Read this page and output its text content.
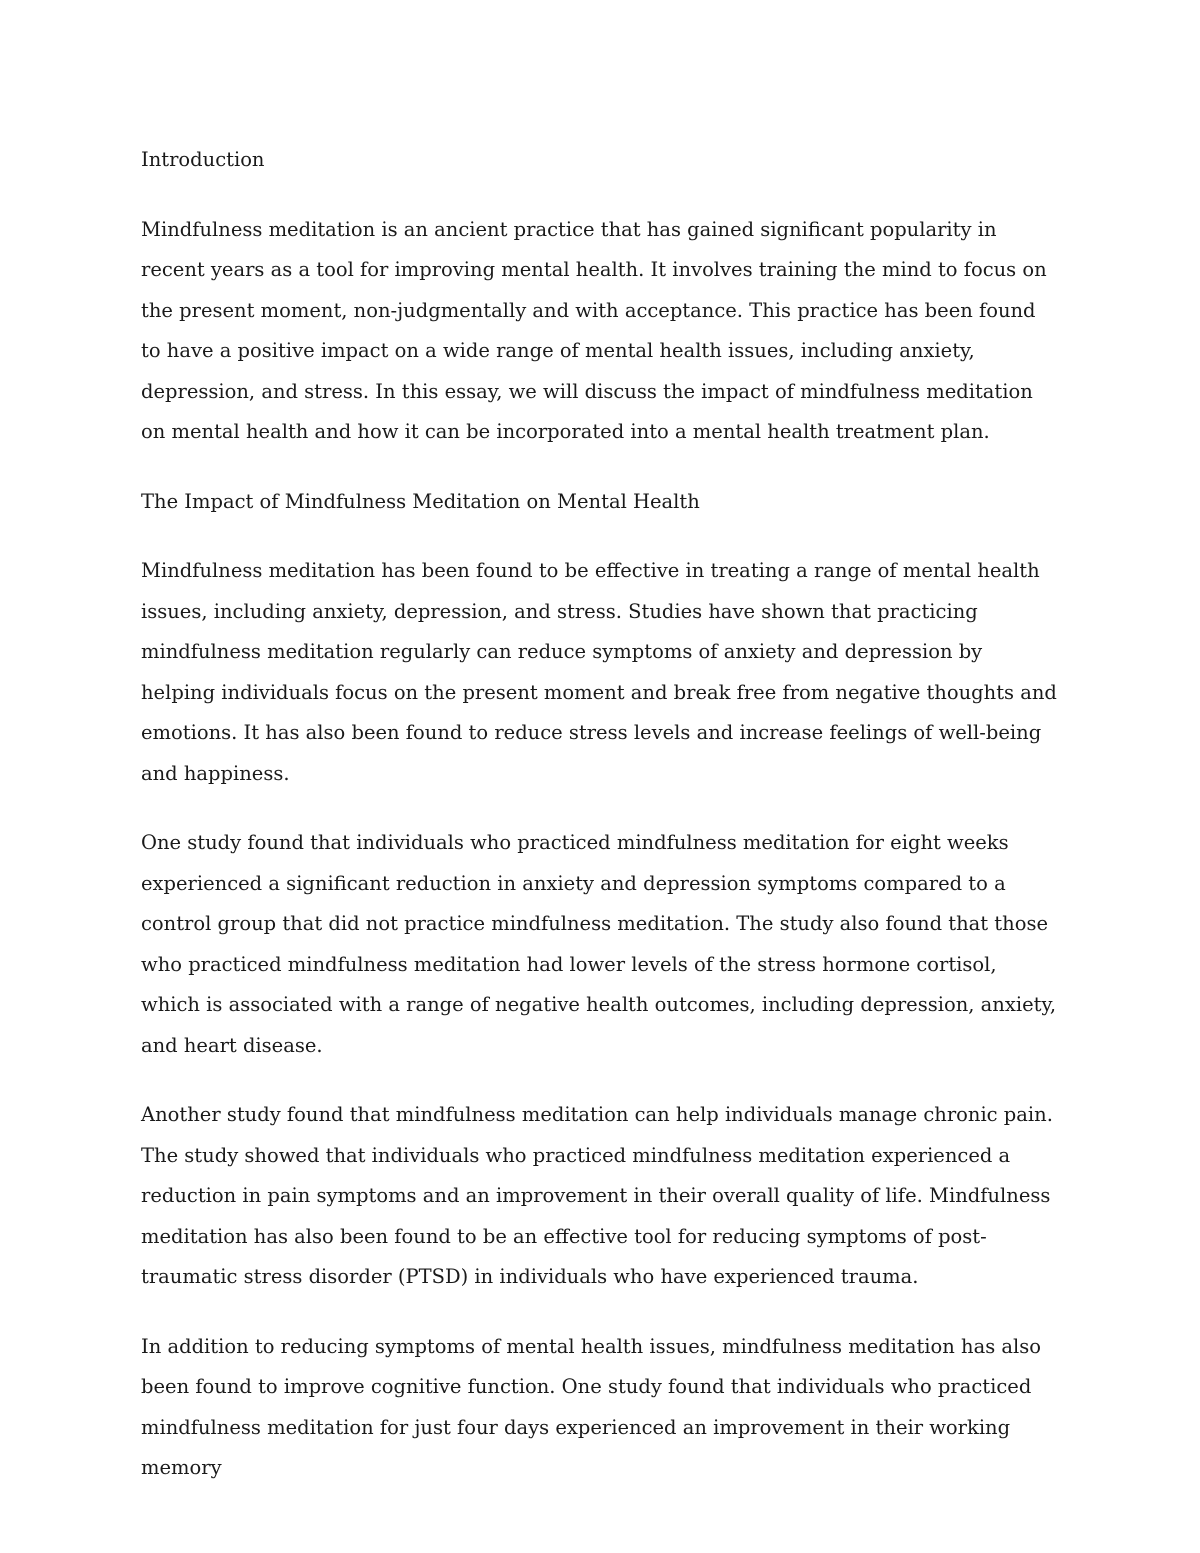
Introduction

Mindfulness meditation is an ancient practice that has gained significant popularity in recent years as a tool for improving mental health. It involves training the mind to focus on the present moment, non-judgmentally and with acceptance. This practice has been found to have a positive impact on a wide range of mental health issues, including anxiety, depression, and stress. In this essay, we will discuss the impact of mindfulness meditation on mental health and how it can be incorporated into a mental health treatment plan.

The Impact of Mindfulness Meditation on Mental Health

Mindfulness meditation has been found to be effective in treating a range of mental health issues, including anxiety, depression, and stress. Studies have shown that practicing mindfulness meditation regularly can reduce symptoms of anxiety and depression by helping individuals focus on the present moment and break free from negative thoughts and emotions. It has also been found to reduce stress levels and increase feelings of well-being and happiness.

One study found that individuals who practiced mindfulness meditation for eight weeks experienced a significant reduction in anxiety and depression symptoms compared to a control group that did not practice mindfulness meditation. The study also found that those who practiced mindfulness meditation had lower levels of the stress hormone cortisol, which is associated with a range of negative health outcomes, including depression, anxiety, and heart disease.

Another study found that mindfulness meditation can help individuals manage chronic pain. The study showed that individuals who practiced mindfulness meditation experienced a reduction in pain symptoms and an improvement in their overall quality of life. Mindfulness meditation has also been found to be an effective tool for reducing symptoms of post-traumatic stress disorder (PTSD) in individuals who have experienced trauma.

In addition to reducing symptoms of mental health issues, mindfulness meditation has also been found to improve cognitive function. One study found that individuals who practiced mindfulness meditation for just four days experienced an improvement in their working memory
